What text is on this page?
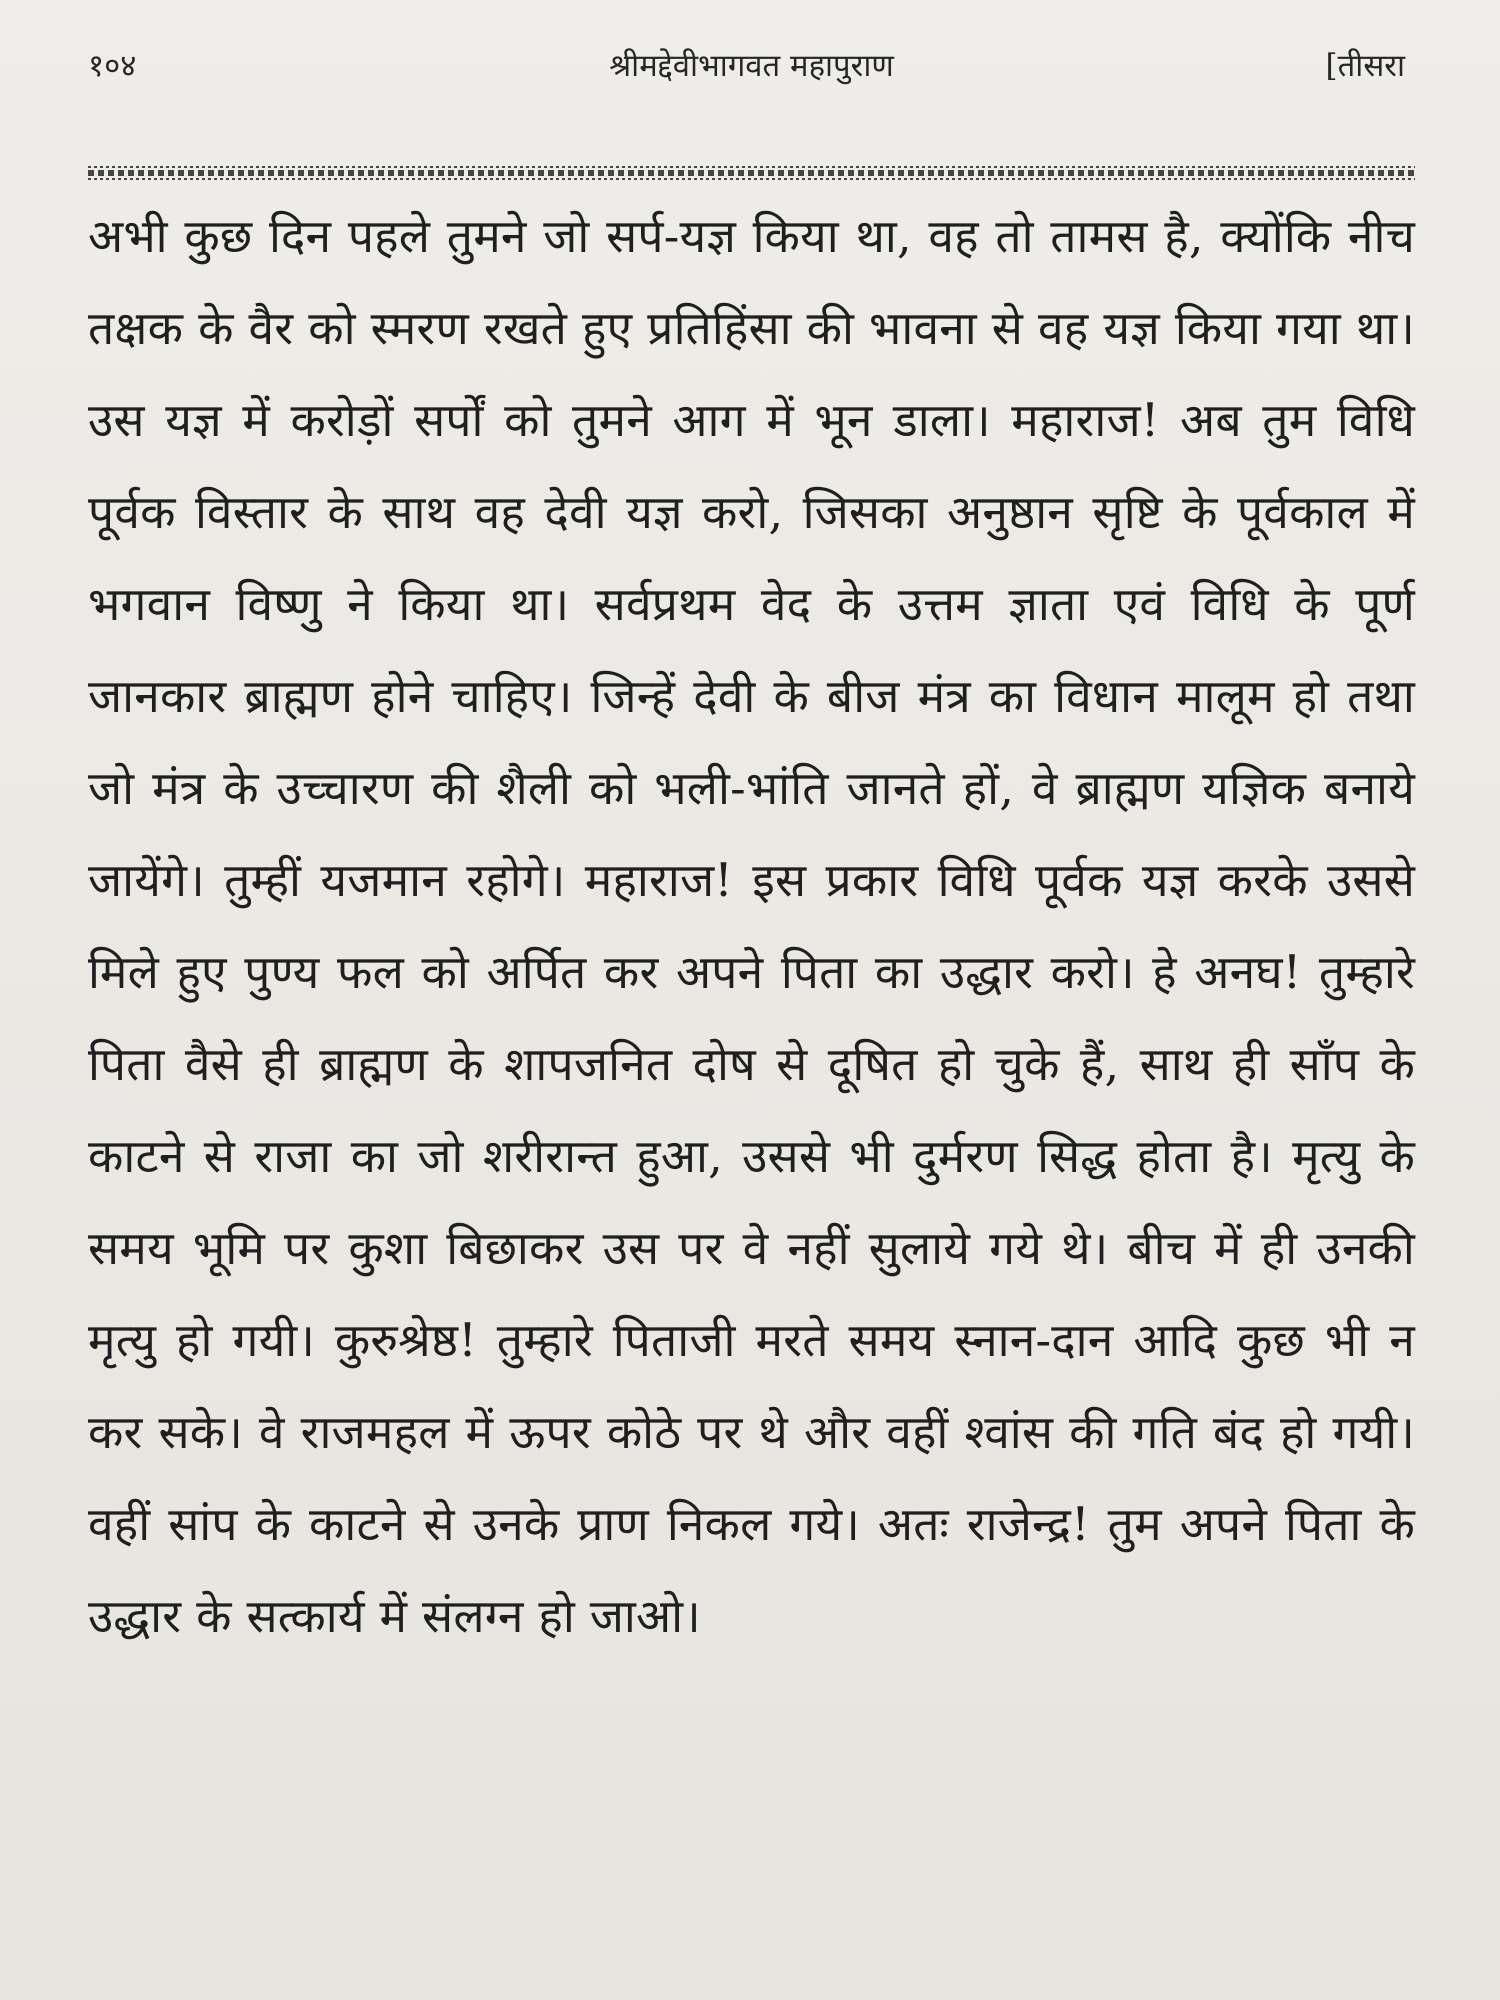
१०४	श्रीमद्देवीभागवत महापुराण	[तीसरा

अभी कुछ दिन पहले तुमने जो सर्प-यज्ञ किया था, वह तो तामस है, क्योंकि नीच तक्षक के वैर को स्मरण रखते हुए प्रतिहिंसा की भावना से वह यज्ञ किया गया था। उस यज्ञ में करोड़ों सर्पों को तुमने आग में भून डाला। महाराज! अब तुम विधि पूर्वक विस्तार के साथ वह देवी यज्ञ करो, जिसका अनुष्ठान सृष्टि के पूर्वकाल में भगवान विष्णु ने किया था। सर्वप्रथम वेद के उत्तम ज्ञाता एवं विधि के पूर्ण जानकार ब्राह्मण होने चाहिए। जिन्हें देवी के बीज मंत्र का विधान मालूम हो तथा जो मंत्र के उच्चारण की शैली को भली-भांति जानते हों, वे ब्राह्मण यज्ञिक बनाये जायेंगे। तुम्हीं यजमान रहोगे। महाराज! इस प्रकार विधि पूर्वक यज्ञ करके उससे मिले हुए पुण्य फल को अर्पित कर अपने पिता का उद्धार करो। हे अनघ! तुम्हारे पिता वैसे ही ब्राह्मण के शापजनित दोष से दूषित हो चुके हैं, साथ ही साँप के काटने से राजा का जो शरीरान्त हुआ, उससे भी दुर्मरण सिद्ध होता है। मृत्यु के समय भूमि पर कुशा बिछाकर उस पर वे नहीं सुलाये गये थे। बीच में ही उनकी मृत्यु हो गयी। कुरुश्रेष्ठ! तुम्हारे पिताजी मरते समय स्नान-दान आदि कुछ भी न कर सके। वे राजमहल में ऊपर कोठे पर थे और वहीं श्वांस की गति बंद हो गयी। वहीं सांप के काटने से उनके प्राण निकल गये। अतः राजेन्द्र! तुम अपने पिता के उद्धार के सत्कार्य में संलग्न हो जाओ।
